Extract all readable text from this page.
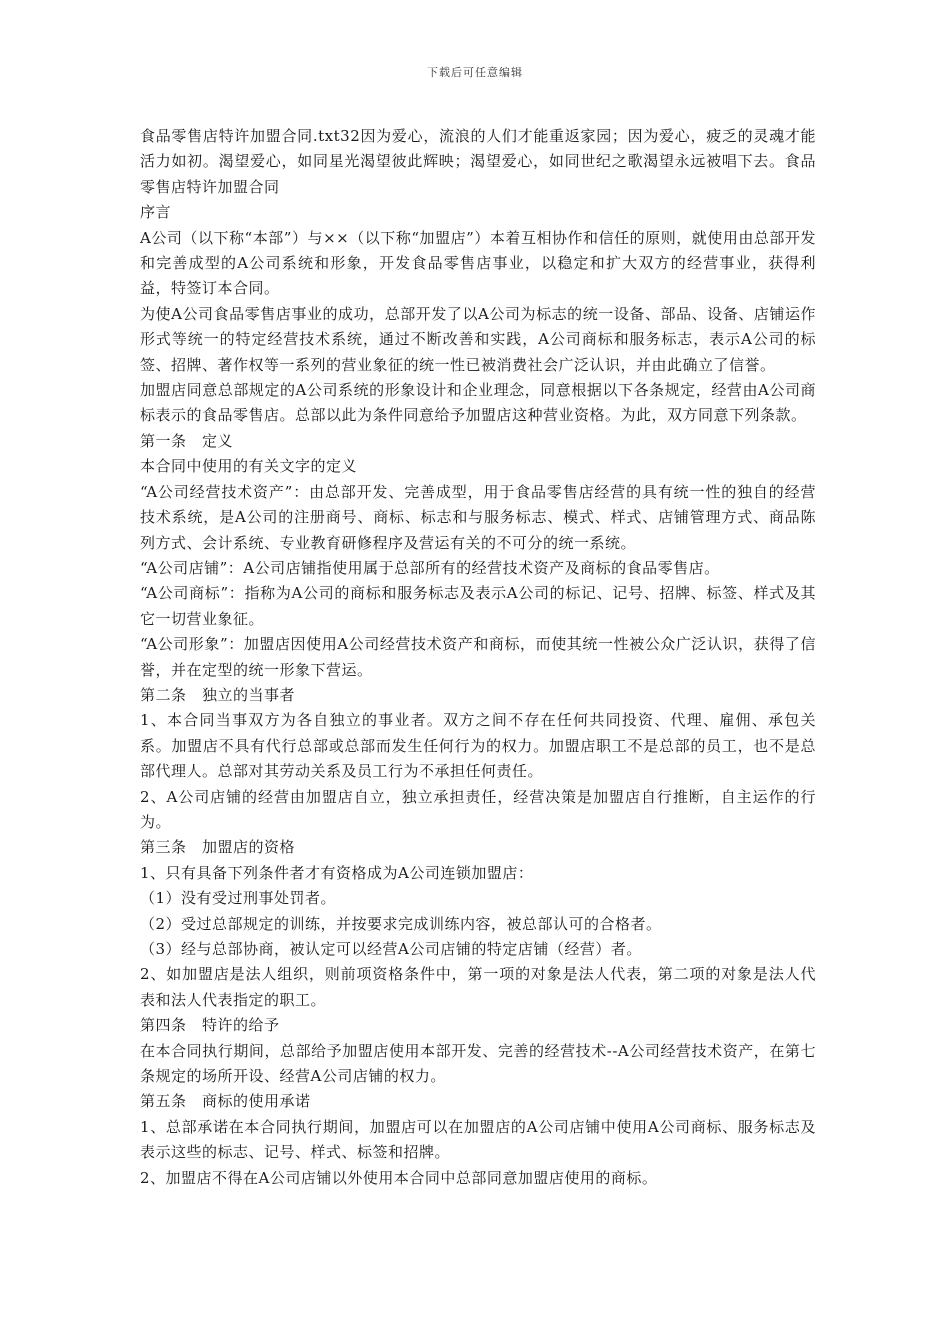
下载后可任意编辑

食品零售店特许加盟合同.txt32因为爱心，流浪的人们才能重返家园；因为爱心，疲乏的灵魂才能活力如初。渴望爱心，如同星光渴望彼此辉映；渴望爱心，如同世纪之歌渴望永远被唱下去。食品零售店特许加盟合同

序言

A公司（以下称“本部”）与××（以下称“加盟店”）本着互相协作和信任的原则，就使用由总部开发和完善成型的A公司系统和形象，开发食品零售店事业，以稳定和扩大双方的经营事业，获得利益，特签订本合同。

为使A公司食品零售店事业的成功，总部开发了以A公司为标志的统一设备、部品、设备、店铺运作形式等统一的特定经营技术系统，通过不断改善和实践，A公司商标和服务标志，表示A公司的标签、招牌、著作权等一系列的营业象征的统一性已被消费社会广泛认识，并由此确立了信誉。

加盟店同意总部规定的A公司系统的形象设计和企业理念，同意根据以下各条规定，经营由A公司商标表示的食品零售店。总部以此为条件同意给予加盟店这种营业资格。为此，双方同意下列条款。

第一条　定义

本合同中使用的有关文字的定义

“A公司经营技术资产”：由总部开发、完善成型，用于食品零售店经营的具有统一性的独自的经营技术系统，是A公司的注册商号、商标、标志和与服务标志、模式、样式、店铺管理方式、商品陈列方式、会计系统、专业教育研修程序及营运有关的不可分的统一系统。

“A公司店铺”：A公司店铺指使用属于总部所有的经营技术资产及商标的食品零售店。

“A公司商标”：指称为A公司的商标和服务标志及表示A公司的标记、记号、招牌、标签、样式及其它一切营业象征。

“A公司形象”：加盟店因使用A公司经营技术资产和商标，而使其统一性被公众广泛认识，获得了信誉，并在定型的统一形象下营运。

第二条　独立的当事者

1、本合同当事双方为各自独立的事业者。双方之间不存在任何共同投资、代理、雇佣、承包关系。加盟店不具有代行总部或总部而发生任何行为的权力。加盟店职工不是总部的员工，也不是总部代理人。总部对其劳动关系及员工行为不承担任何责任。

2、A公司店铺的经营由加盟店自立，独立承担责任，经营决策是加盟店自行推断，自主运作的行为。

第三条　加盟店的资格

1、只有具备下列条件者才有资格成为A公司连锁加盟店：

（1）没有受过刑事处罚者。

（2）受过总部规定的训练，并按要求完成训练内容，被总部认可的合格者。

（3）经与总部协商，被认定可以经营A公司店铺的特定店铺（经营）者。

2、如加盟店是法人组织，则前项资格条件中，第一项的对象是法人代表，第二项的对象是法人代表和法人代表指定的职工。

第四条　特许的给予

在本合同执行期间，总部给予加盟店使用本部开发、完善的经营技术--A公司经营技术资产，在第七条规定的场所开设、经营A公司店铺的权力。

第五条　商标的使用承诺

1、总部承诺在本合同执行期间，加盟店可以在加盟店的A公司店铺中使用A公司商标、服务标志及表示这些的标志、记号、样式、标签和招牌。

2、加盟店不得在A公司店铺以外使用本合同中总部同意加盟店使用的商标。
